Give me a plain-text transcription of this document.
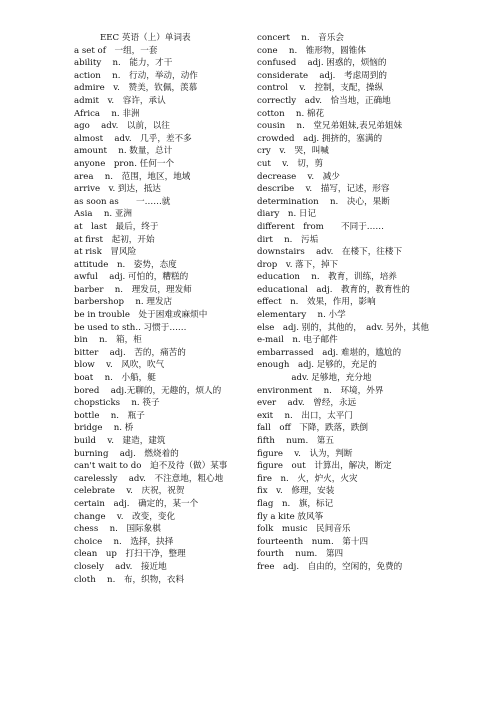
EEC 英语（上）单词表
a set of　一组，一套
ability　 n.　能力，才干
action　 n.　行动，举动，动作
admire　v.　赞美，钦佩，羡慕
admit　v.　容许，承认
Africa　 n. 非洲
ago　 adv.　以前，以往
almost　 adv.　几乎，差不多
amount　 n. 数量，总计
anyone　pron. 任何一个
area　 n.　范围，地区，地域
arrive　v. 到达，抵达
as soon as　　一……就
Asia　 n. 亚洲
at　last　最后，终于
at first　起初，开始
at risk　冒风险
attitude　n.　姿势，态度
awful　 adj. 可怕的，糟糕的
barber　 n.　理发员，理发师
barbershop　 n. 理发店
be in trouble　处于困难或麻烦中
be used to sth.. 习惯于……
bin　 n.　箱，柜
bitter　 adj.　苦的，痛苦的
blow　 v.　风吹，吹气
boat　 n.　小船，艇
bored　 adj.无聊的，无趣的，烦人的
chopsticks　 n. 筷子
bottle　 n.　瓶子
bridge　 n. 桥
build　 v.　建造，建筑
burning　 adj.　燃烧着的
can't wait to do　迫不及待（做）某事
carelessly　 adv.　不注意地，粗心地
celebrate　 v.　庆祝，祝贺
certain　adj.　确定的，某一个
change　 v.　改变，变化
chess　 n.　国际象棋
choice　 n.　选择，抉择
clean　up　打扫干净，整理
closely　 adv.　接近地
cloth　 n.　布，织物，衣料
concert　 n.　音乐会
cone　 n.　锥形物，圆锥体
confused　 adj. 困惑的，烦恼的
considerate　 adj.　考虑周到的
control　 v.　控制，支配，操纵
correctly　adv.　恰当地，正确地
cotton　 n. 棉花
cousin　 n.　堂兄弟姐妹,表兄弟姐妹
crowded　adj. 拥挤的，塞满的
cry　v.　哭，叫喊
cut　 v.　切，剪
decrease　 v.　减少
describe　 v.　描写，记述，形容
determination　 n.　决心，果断
diary　n. 日记
different　from　　不同于……
dirt　 n.　污垢
downstairs　 adv.　在楼下，往楼下
drop　v. 落下，掉下
education　 n.　教育，训练，培养
educational　adj.　教育的，教育性的
effect　n.　效果，作用，影响
elementary　 n. 小学
else　adj. 别的，其他的，　adv. 另外，其他
e-mail　n. 电子邮件
embarrassed　adj. 难堪的，尴尬的
enough　adj. 足够的，充足的
　　　　adv. 足够地，充分地
environment　 n.　环境，外界
ever　 adv.　曾经，永远
exit　 n.　出口，太平门
fall　off　下降，跌落，跌倒
fifth　 num.　第五
figure　 v.　认为，判断
figure　out　计算出，解决，断定
fire　n.　火，炉火，火灾
fix　v.　修理，安装
flag　n.　旗，标记
fly a kite 放风筝
folk　music　民间音乐
fourteenth　num.　第十四
fourth　 num.　第四
free　adj.　自由的，空闲的，免费的
